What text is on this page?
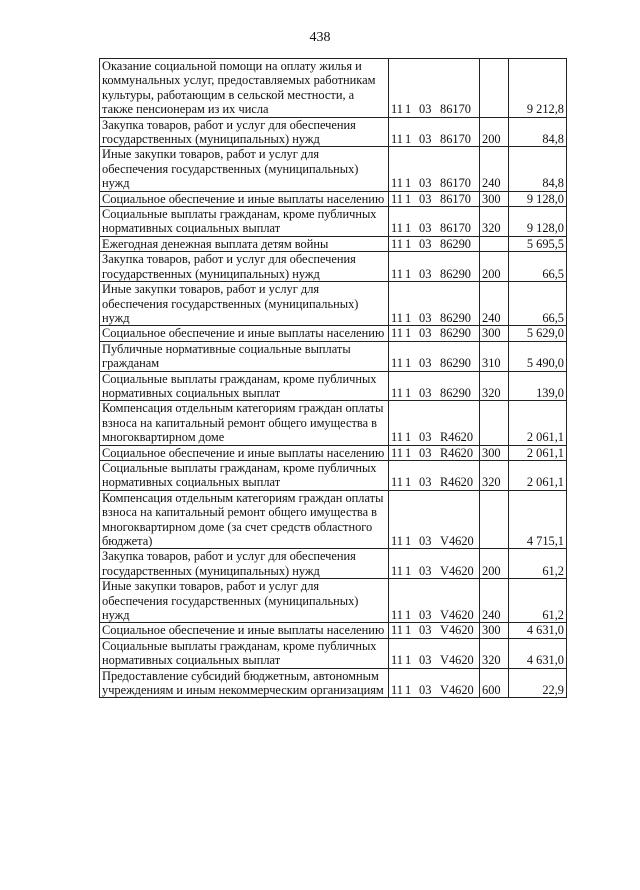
438
Оказание социальной помощи на оплату жилья и коммунальных услуг, предоставляемых работникам культуры, работающим в сельской местности, а также пенсионерам из их числа	11 1 03 86170		9 212,8
Закупка товаров, работ и услуг для обеспечения государственных (муниципальных) нужд	11 1 03 86170	200	84,8
Иные закупки товаров, работ и услуг для обеспечения государственных (муниципальных) нужд	11 1 03 86170	240	84,8
Социальное обеспечение и иные выплаты населению	11 1 03 86170	300	9 128,0
Социальные выплаты гражданам, кроме публичных нормативных социальных выплат	11 1 03 86170	320	9 128,0
Ежегодная денежная выплата детям войны	11 1 03 86290		5 695,5
Закупка товаров, работ и услуг для обеспечения государственных (муниципальных) нужд	11 1 03 86290	200	66,5
Иные закупки товаров, работ и услуг для обеспечения государственных (муниципальных) нужд	11 1 03 86290	240	66,5
Социальное обеспечение и иные выплаты населению	11 1 03 86290	300	5 629,0
Публичные нормативные социальные выплаты гражданам	11 1 03 86290	310	5 490,0
Социальные выплаты гражданам, кроме публичных нормативных социальных выплат	11 1 03 86290	320	139,0
Компенсация отдельным категориям граждан оплаты взноса на капитальный ремонт общего имущества в многоквартирном доме	11 1 03 R4620		2 061,1
Социальное обеспечение и иные выплаты населению	11 1 03 R4620	300	2 061,1
Социальные выплаты гражданам, кроме публичных нормативных социальных выплат	11 1 03 R4620	320	2 061,1
Компенсация отдельным категориям граждан оплаты взноса на капитальный ремонт общего имущества в многоквартирном доме (за счет средств областного бюджета)	11 1 03 V4620		4 715,1
Закупка товаров, работ и услуг для обеспечения государственных (муниципальных) нужд	11 1 03 V4620	200	61,2
Иные закупки товаров, работ и услуг для обеспечения государственных (муниципальных) нужд	11 1 03 V4620	240	61,2
Социальное обеспечение и иные выплаты населению	11 1 03 V4620	300	4 631,0
Социальные выплаты гражданам, кроме публичных нормативных социальных выплат	11 1 03 V4620	320	4 631,0
Предоставление субсидий бюджетным, автономным учреждениям и иным некоммерческим организациям	11 1 03 V4620	600	22,9
